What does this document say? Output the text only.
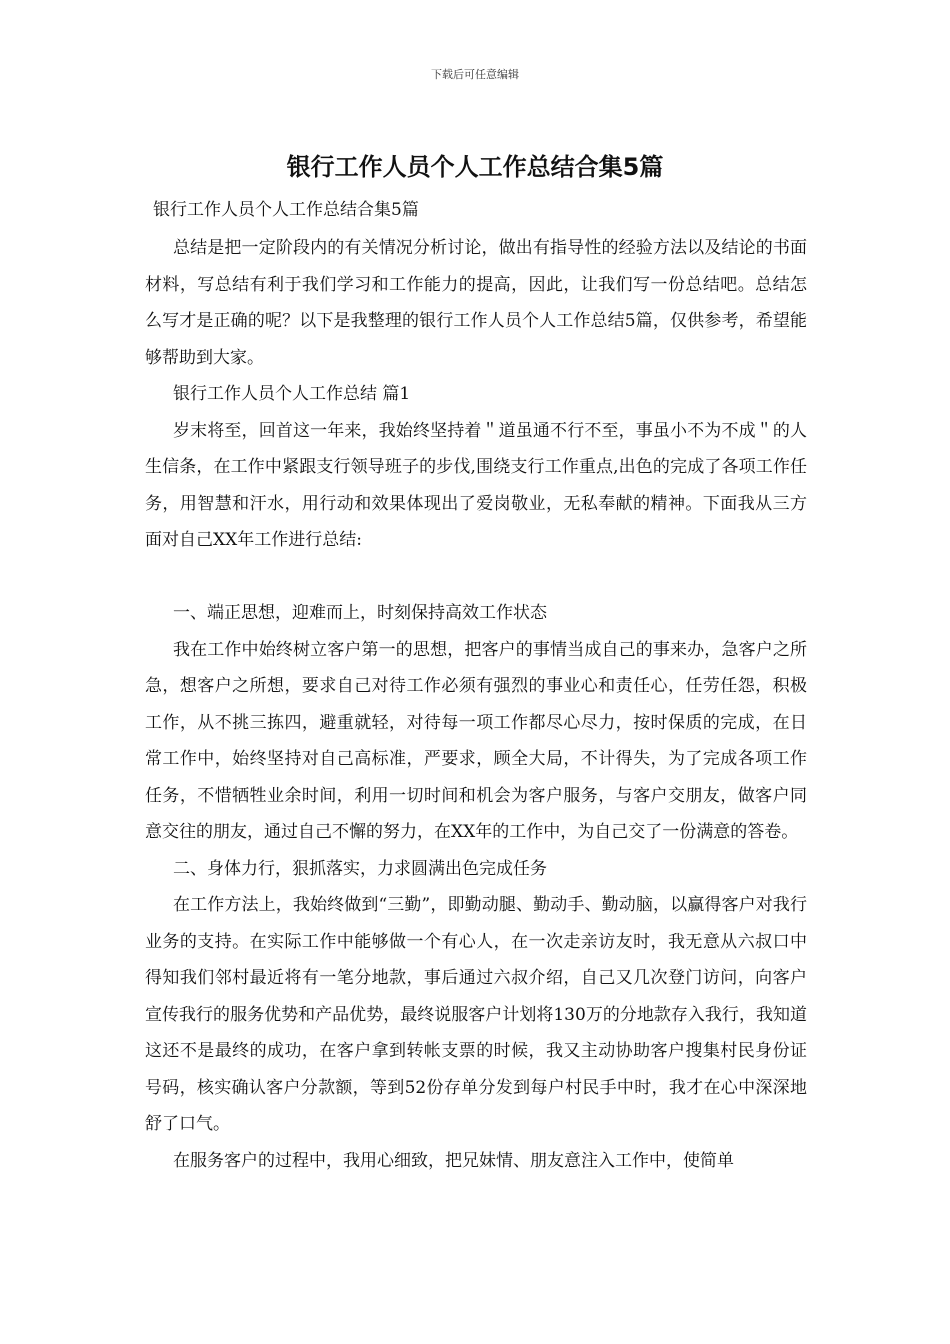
下载后可任意编辑
银行工作人员个人工作总结合集5篇

银行工作人员个人工作总结合集5篇

总结是把一定阶段内的有关情况分析讨论，做出有指导性的经验方法以及结论的书面材料，写总结有利于我们学习和工作能力的提高，因此，让我们写一份总结吧。总结怎么写才是正确的呢？以下是我整理的银行工作人员个人工作总结5篇，仅供参考，希望能够帮助到大家。

银行工作人员个人工作总结 篇1

岁末将至，回首这一年来，我始终坚持着＂道虽通不行不至，事虽小不为不成＂的人生信条，在工作中紧跟支行领导班子的步伐,围绕支行工作重点,出色的完成了各项工作任务，用智慧和汗水，用行动和效果体现出了爱岗敬业，无私奉献的精神。下面我从三方面对自己XX年工作进行总结:

一、端正思想，迎难而上，时刻保持高效工作状态

我在工作中始终树立客户第一的思想，把客户的事情当成自己的事来办，急客户之所急，想客户之所想，要求自己对待工作必须有强烈的事业心和责任心，任劳任怨，积极工作，从不挑三拣四，避重就轻，对待每一项工作都尽心尽力，按时保质的完成，在日常工作中，始终坚持对自己高标准，严要求，顾全大局，不计得失，为了完成各项工作任务，不惜牺牲业余时间，利用一切时间和机会为客户服务，与客户交朋友，做客户同意交往的朋友，通过自己不懈的努力，在XX年的工作中，为自己交了一份满意的答卷。

二、身体力行，狠抓落实，力求圆满出色完成任务

在工作方法上，我始终做到“三勤”，即勤动腿、勤动手、勤动脑，以赢得客户对我行业务的支持。在实际工作中能够做一个有心人，在一次走亲访友时，我无意从六叔口中得知我们邻村最近将有一笔分地款，事后通过六叔介绍，自己又几次登门访问，向客户宣传我行的服务优势和产品优势，最终说服客户计划将130万的分地款存入我行，我知道这还不是最终的成功，在客户拿到转帐支票的时候，我又主动协助客户搜集村民身份证号码，核实确认客户分款额，等到52份存单分发到每户村民手中时，我才在心中深深地舒了口气。

在服务客户的过程中，我用心细致，把兄妹情、朋友意注入工作中，使简单
